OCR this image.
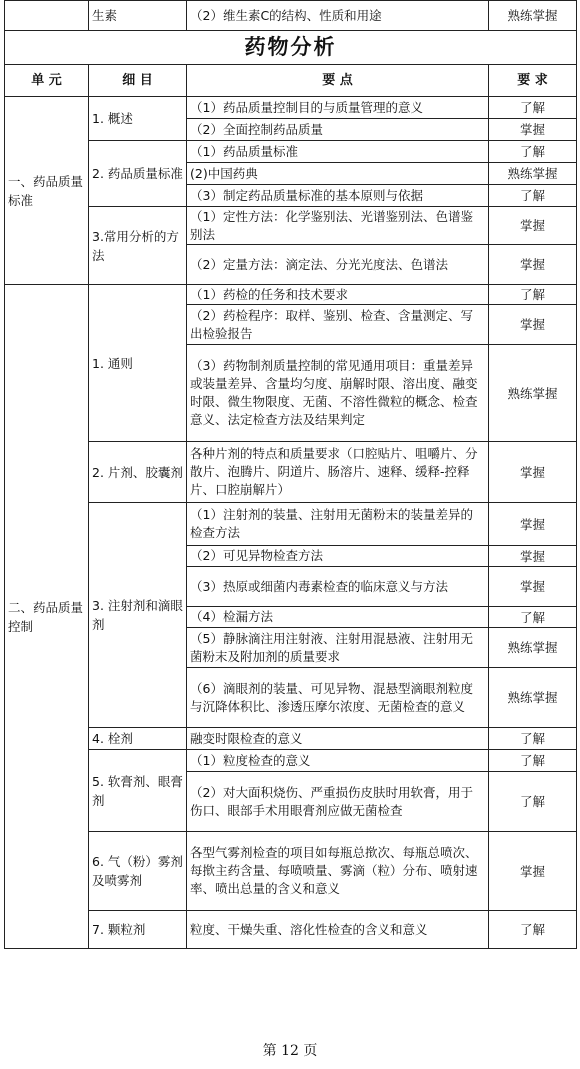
	生素	（2）维生素C的结构、性质和用途	熟练掌握
药物分析			
单 元	细 目	要 点	要 求
一、药品质量标准	1. 概述	（1）药品质量控制目的与质量管理的意义	了解
		（2）全面控制药品质量	掌握
	2. 药品质量标准	（1）药品质量标准	了解
		(2)中国药典	熟练掌握
		（3）制定药品质量标准的基本原则与依据	了解
	3.常用分析的方法	（1）定性方法：化学鉴别法、光谱鉴别法、色谱鉴别法	掌握
		（2）定量方法：滴定法、分光光度法、色谱法	掌握
二、药品质量控制	1. 通则	（1）药检的任务和技术要求	了解
		（2）药检程序：取样、鉴别、检查、含量测定、写出检验报告	掌握
		（3）药物制剂质量控制的常见通用项目：重量差异或装量差异、含量均匀度、崩解时限、溶出度、融变时限、微生物限度、无菌、不溶性微粒的概念、检查意义、法定检查方法及结果判定	熟练掌握
	2. 片剂、胶囊剂	各种片剂的特点和质量要求（口腔贴片、咀嚼片、分散片、泡腾片、阴道片、肠溶片、速释、缓释-控释片、口腔崩解片）	掌握
	3. 注射剂和滴眼剂	（1）注射剂的装量、注射用无菌粉末的装量差异的检查方法	掌握
		（2）可见异物检查方法	掌握
		（3）热原或细菌内毒素检查的临床意义与方法	掌握
		（4）检漏方法	了解
		（5）静脉滴注用注射液、注射用混悬液、注射用无菌粉末及附加剂的质量要求	熟练掌握
		（6）滴眼剂的装量、可见异物、混悬型滴眼剂粒度与沉降体积比、渗透压摩尔浓度、无菌检查的意义	熟练掌握
	4. 栓剂	融变时限检查的意义	了解
	5. 软膏剂、眼膏剂	（1）粒度检查的意义	了解
		（2）对大面积烧伤、严重损伤皮肤时用软膏，用于伤口、眼部手术用眼膏剂应做无菌检查	了解
	6. 气（粉）雾剂及喷雾剂	各型气雾剂检查的项目如每瓶总揿次、每瓶总喷次、每揿主药含量、每喷喷量、雾滴（粒）分布、喷射速率、喷出总量的含义和意义	掌握
	7. 颗粒剂	粒度、干燥失重、溶化性检查的含义和意义	了解
第 12 页
